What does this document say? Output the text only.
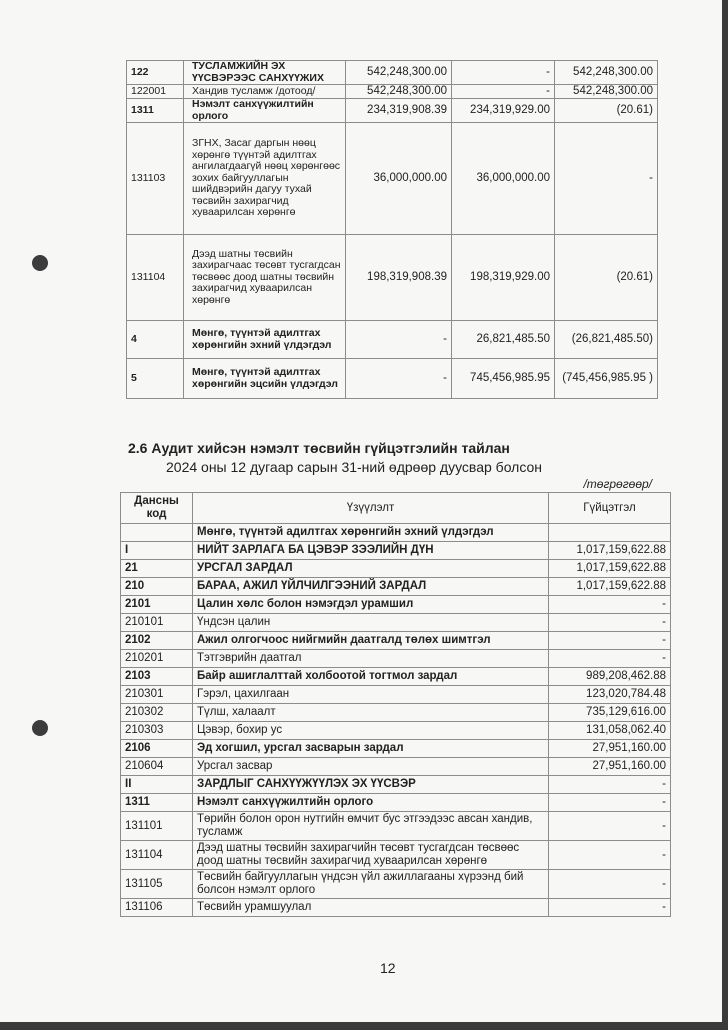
122	ТУСЛАМЖИЙН ЭХ ҮҮСВЭРЭЭС САНХҮҮЖИХ	542,248,300.00	-	542,248,300.00
122001	Хандив тусламж /дотоод/	542,248,300.00	-	542,248,300.00
1311	Нэмэлт санхүүжилтийн орлого	234,319,908.39	234,319,929.00	(20.61)
131103	ЗГНХ, Засаг даргын нөөц хөрөнгө түүнтэй адилтгах ангилагдаагүй нөөц хөрөнгөөс зохих байгууллагын шийдвэрийн дагуу тухай төсвийн захирагчид хуваарилсан хөрөнгө	36,000,000.00	36,000,000.00	-
131104	Дээд шатны төсвийн захирагчаас төсөвт тусгагдсан төсвөөс доод шатны төсвийн захирагчид хуваарилсан хөрөнгө	198,319,908.39	198,319,929.00	(20.61)
4	Мөнгө, түүнтэй адилтгах хөрөнгийн эхний үлдэгдэл	-	26,821,485.50	(26,821,485.50)
5	Мөнгө, түүнтэй адилтгах хөрөнгийн эцсийн үлдэгдэл	-	745,456,985.95	(745,456,985.95 )
2.6 Аудит хийсэн нэмэлт төсвийн гүйцэтгэлийн тайлан
2024 оны 12 дугаар сарын 31-ний өдрөөр дуусвар болсон
/төгрөгөөр/
Дансны код	Үзүүлэлт	Гүйцэтгэл
	Мөнгө, түүнтэй адилтгах хөрөнгийн эхний үлдэгдэл	
I	НИЙТ ЗАРЛАГА БА ЦЭВЭР ЗЭЭЛИЙН ДҮН	1,017,159,622.88
21	УРСГАЛ ЗАРДАЛ	1,017,159,622.88
210	БАРАА, АЖИЛ ҮЙЛЧИЛГЭЭНИЙ ЗАРДАЛ	1,017,159,622.88
2101	Цалин хөлс болон нэмэгдэл урамшил	-
210101	Үндсэн цалин	-
2102	Ажил олгогчоос нийгмийн даатгалд төлөх шимтгэл	-
210201	Тэтгэврийн даатгал	-
2103	Байр ашиглалттай холбоотой тогтмол зардал	989,208,462.88
210301	Гэрэл, цахилгаан	123,020,784.48
210302	Түлш, халаалт	735,129,616.00
210303	Цэвэр, бохир ус	131,058,062.40
2106	Эд хогшил, урсгал засварын зардал	27,951,160.00
210604	Урсгал засвар	27,951,160.00
II	ЗАРДЛЫГ САНХҮҮЖҮҮЛЭХ ЭХ ҮҮСВЭР	-
1311	Нэмэлт санхүүжилтийн орлого	-
131101	Төрийн болон орон нутгийн өмчит бус этгээдээс авсан хандив, тусламж	-
131104	Дээд шатны төсвийн захирагчийн төсөвт тусгагдсан төсвөөс доод шатны төсвийн захирагчид хуваарилсан хөрөнгө	-
131105	Төсвийн байгууллагын үндсэн үйл ажиллагааны хүрээнд бий болсон нэмэлт орлого	-
131106	Төсвийн урамшуулал	-
12
